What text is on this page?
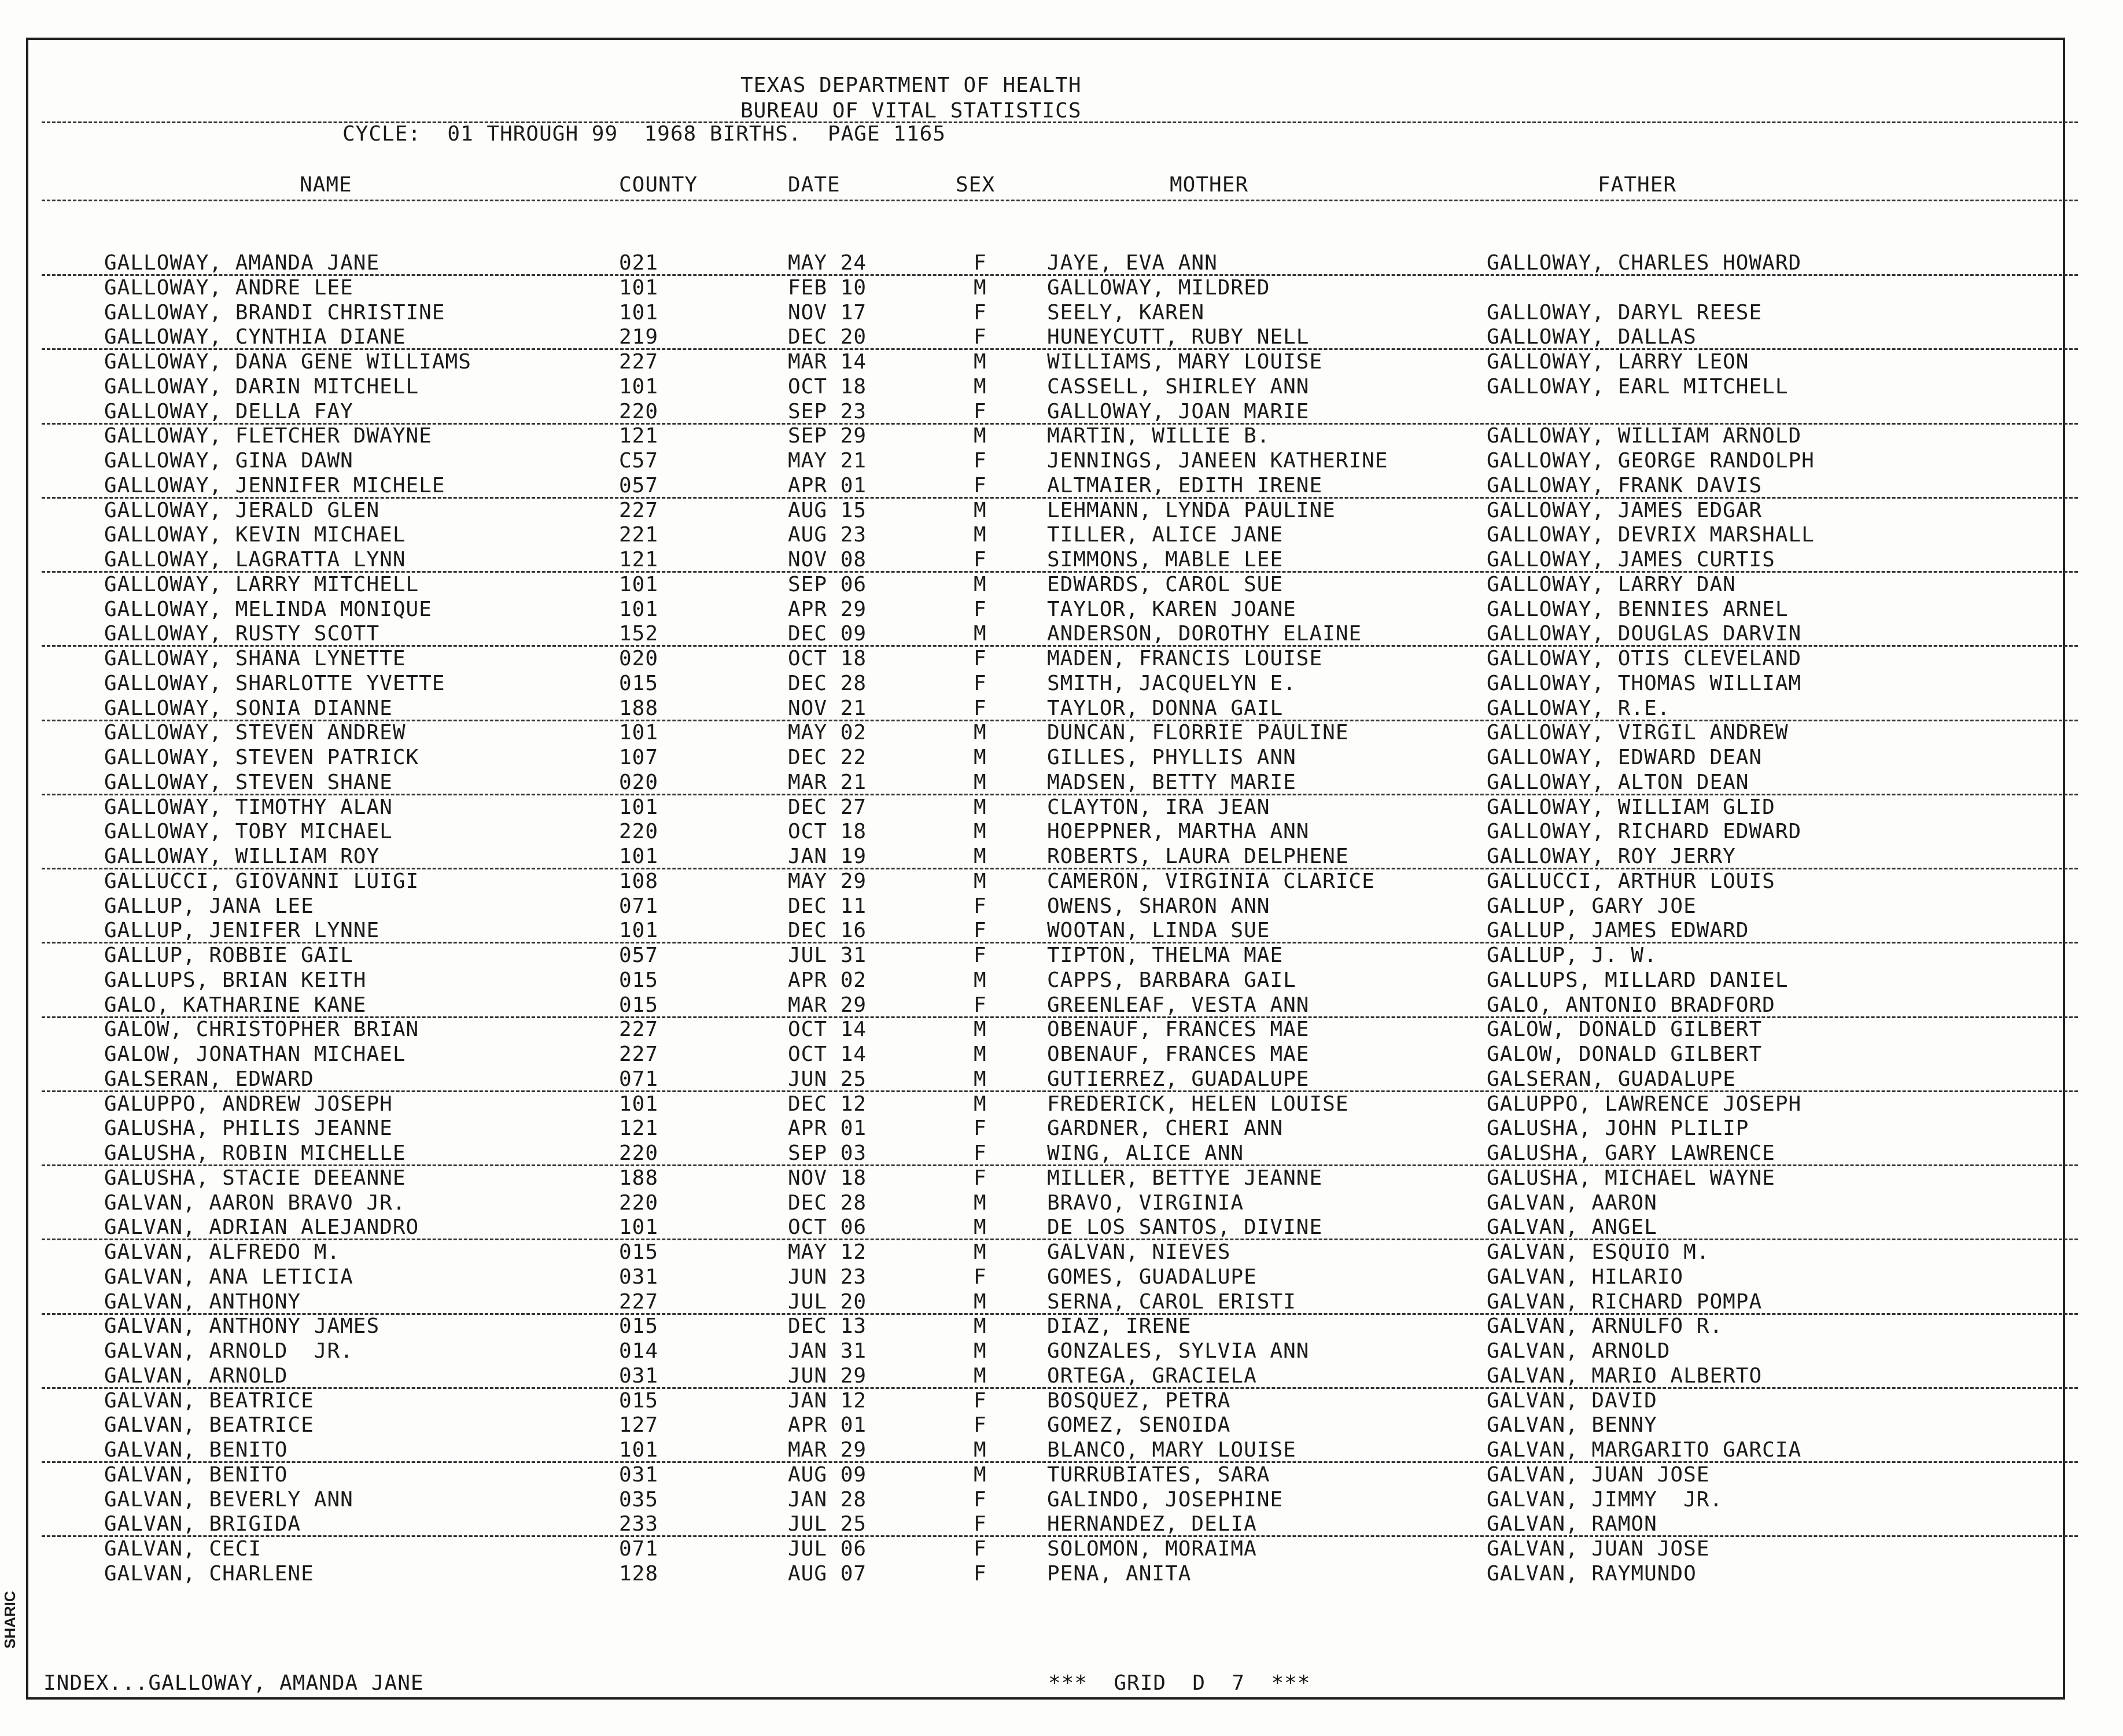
TEXAS DEPARTMENT OF HEALTH
BUREAU OF VITAL STATISTICS
CYCLE:  01 THROUGH 99  1968 BIRTHS.  PAGE 1165
NAME	COUNTY	DATE	SEX	MOTHER	FATHER
GALLOWAY, AMANDA JANE	021	MAY 24	F	JAYE, EVA ANN	GALLOWAY, CHARLES HOWARD
GALLOWAY, ANDRE LEE	101	FEB 10	M	GALLOWAY, MILDRED
GALLOWAY, BRANDI CHRISTINE	101	NOV 17	F	SEELY, KAREN	GALLOWAY, DARYL REESE
GALLOWAY, CYNTHIA DIANE	219	DEC 20	F	HUNEYCUTT, RUBY NELL	GALLOWAY, DALLAS
GALLOWAY, DANA GENE WILLIAMS	227	MAR 14	M	WILLIAMS, MARY LOUISE	GALLOWAY, LARRY LEON
GALLOWAY, DARIN MITCHELL	101	OCT 18	M	CASSELL, SHIRLEY ANN	GALLOWAY, EARL MITCHELL
GALLOWAY, DELLA FAY	220	SEP 23	F	GALLOWAY, JOAN MARIE
GALLOWAY, FLETCHER DWAYNE	121	SEP 29	M	MARTIN, WILLIE B.	GALLOWAY, WILLIAM ARNOLD
GALLOWAY, GINA DAWN	C57	MAY 21	F	JENNINGS, JANEEN KATHERINE	GALLOWAY, GEORGE RANDOLPH
GALLOWAY, JENNIFER MICHELE	057	APR 01	F	ALTMAIER, EDITH IRENE	GALLOWAY, FRANK DAVIS
GALLOWAY, JERALD GLEN	227	AUG 15	M	LEHMANN, LYNDA PAULINE	GALLOWAY, JAMES EDGAR
GALLOWAY, KEVIN MICHAEL	221	AUG 23	M	TILLER, ALICE JANE	GALLOWAY, DEVRIX MARSHALL
GALLOWAY, LAGRATTA LYNN	121	NOV 08	F	SIMMONS, MABLE LEE	GALLOWAY, JAMES CURTIS
GALLOWAY, LARRY MITCHELL	101	SEP 06	M	EDWARDS, CAROL SUE	GALLOWAY, LARRY DAN
GALLOWAY, MELINDA MONIQUE	101	APR 29	F	TAYLOR, KAREN JOANE	GALLOWAY, BENNIES ARNEL
GALLOWAY, RUSTY SCOTT	152	DEC 09	M	ANDERSON, DOROTHY ELAINE	GALLOWAY, DOUGLAS DARVIN
GALLOWAY, SHANA LYNETTE	020	OCT 18	F	MADEN, FRANCIS LOUISE	GALLOWAY, OTIS CLEVELAND
GALLOWAY, SHARLOTTE YVETTE	015	DEC 28	F	SMITH, JACQUELYN E.	GALLOWAY, THOMAS WILLIAM
GALLOWAY, SONIA DIANNE	188	NOV 21	F	TAYLOR, DONNA GAIL	GALLOWAY, R.E.
GALLOWAY, STEVEN ANDREW	101	MAY 02	M	DUNCAN, FLORRIE PAULINE	GALLOWAY, VIRGIL ANDREW
GALLOWAY, STEVEN PATRICK	107	DEC 22	M	GILLES, PHYLLIS ANN	GALLOWAY, EDWARD DEAN
GALLOWAY, STEVEN SHANE	020	MAR 21	M	MADSEN, BETTY MARIE	GALLOWAY, ALTON DEAN
GALLOWAY, TIMOTHY ALAN	101	DEC 27	M	CLAYTON, IRA JEAN	GALLOWAY, WILLIAM GLID
GALLOWAY, TOBY MICHAEL	220	OCT 18	M	HOEPPNER, MARTHA ANN	GALLOWAY, RICHARD EDWARD
GALLOWAY, WILLIAM ROY	101	JAN 19	M	ROBERTS, LAURA DELPHENE	GALLOWAY, ROY JERRY
GALLUCCI, GIOVANNI LUIGI	108	MAY 29	M	CAMERON, VIRGINIA CLARICE	GALLUCCI, ARTHUR LOUIS
GALLUP, JANA LEE	071	DEC 11	F	OWENS, SHARON ANN	GALLUP, GARY JOE
GALLUP, JENIFER LYNNE	101	DEC 16	F	WOOTAN, LINDA SUE	GALLUP, JAMES EDWARD
GALLUP, ROBBIE GAIL	057	JUL 31	F	TIPTON, THELMA MAE	GALLUP, J. W.
GALLUPS, BRIAN KEITH	015	APR 02	M	CAPPS, BARBARA GAIL	GALLUPS, MILLARD DANIEL
GALO, KATHARINE KANE	015	MAR 29	F	GREENLEAF, VESTA ANN	GALO, ANTONIO BRADFORD
GALOW, CHRISTOPHER BRIAN	227	OCT 14	M	OBENAUF, FRANCES MAE	GALOW, DONALD GILBERT
GALOW, JONATHAN MICHAEL	227	OCT 14	M	OBENAUF, FRANCES MAE	GALOW, DONALD GILBERT
GALSERAN, EDWARD	071	JUN 25	M	GUTIERREZ, GUADALUPE	GALSERAN, GUADALUPE
GALUPPO, ANDREW JOSEPH	101	DEC 12	M	FREDERICK, HELEN LOUISE	GALUPPO, LAWRENCE JOSEPH
GALUSHA, PHILIS JEANNE	121	APR 01	F	GARDNER, CHERI ANN	GALUSHA, JOHN PLILIP
GALUSHA, ROBIN MICHELLE	220	SEP 03	F	WING, ALICE ANN	GALUSHA, GARY LAWRENCE
GALUSHA, STACIE DEEANNE	188	NOV 18	F	MILLER, BETTYE JEANNE	GALUSHA, MICHAEL WAYNE
GALVAN, AARON BRAVO JR.	220	DEC 28	M	BRAVO, VIRGINIA	GALVAN, AARON
GALVAN, ADRIAN ALEJANDRO	101	OCT 06	M	DE LOS SANTOS, DIVINE	GALVAN, ANGEL
GALVAN, ALFREDO M.	015	MAY 12	M	GALVAN, NIEVES	GALVAN, ESQUIO M.
GALVAN, ANA LETICIA	031	JUN 23	F	GOMES, GUADALUPE	GALVAN, HILARIO
GALVAN, ANTHONY	227	JUL 20	M	SERNA, CAROL ERISTI	GALVAN, RICHARD POMPA
GALVAN, ANTHONY JAMES	015	DEC 13	M	DIAZ, IRENE	GALVAN, ARNULFO R.
GALVAN, ARNOLD  JR.	014	JAN 31	M	GONZALES, SYLVIA ANN	GALVAN, ARNOLD
GALVAN, ARNOLD	031	JUN 29	M	ORTEGA, GRACIELA	GALVAN, MARIO ALBERTO
GALVAN, BEATRICE	015	JAN 12	F	BOSQUEZ, PETRA	GALVAN, DAVID
GALVAN, BEATRICE	127	APR 01	F	GOMEZ, SENOIDA	GALVAN, BENNY
GALVAN, BENITO	101	MAR 29	M	BLANCO, MARY LOUISE	GALVAN, MARGARITO GARCIA
GALVAN, BENITO	031	AUG 09	M	TURRUBIATES, SARA	GALVAN, JUAN JOSE
GALVAN, BEVERLY ANN	035	JAN 28	F	GALINDO, JOSEPHINE	GALVAN, JIMMY  JR.
GALVAN, BRIGIDA	233	JUL 25	F	HERNANDEZ, DELIA	GALVAN, RAMON
GALVAN, CECI	071	JUL 06	F	SOLOMON, MORAIMA	GALVAN, JUAN JOSE
GALVAN, CHARLENE	128	AUG 07	F	PENA, ANITA	GALVAN, RAYMUNDO
INDEX...GALLOWAY, AMANDA JANE	***  GRID  D  7  ***
SHARIC
